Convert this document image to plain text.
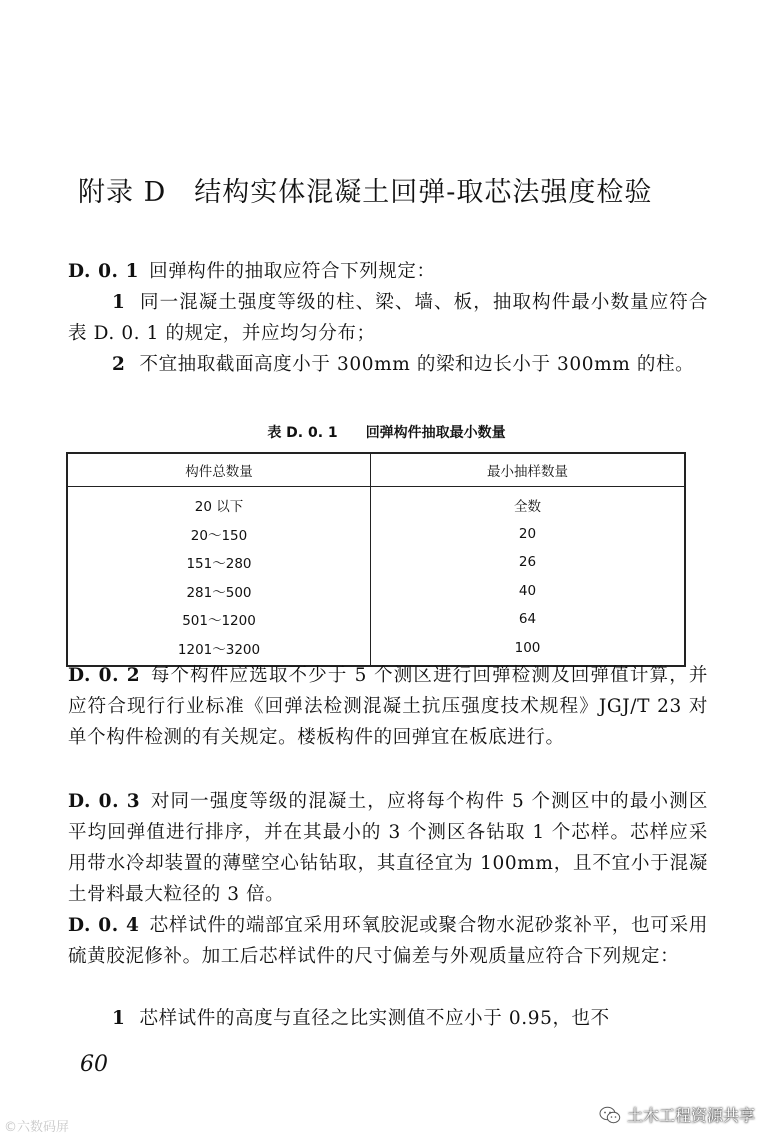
附录 D 结构实体混凝土回弹-取芯法强度检验
D. 0. 1 回弹构件的抽取应符合下列规定：
1 同一混凝土强度等级的柱、梁、墙、板，抽取构件最小数量应符合表 D. 0. 1 的规定，并应均匀分布；
2 不宜抽取截面高度小于 300mm 的梁和边长小于 300mm 的柱。
表 D. 0. 1 回弹构件抽取最小数量
构件总数量	最小抽样数量
20 以下	全数
20～150	20
151～280	26
281～500	40
501～1200	64
1201～3200	100
D. 0. 2 每个构件应选取不少于 5 个测区进行回弹检测及回弹值计算，并应符合现行行业标准《回弹法检测混凝土抗压强度技术规程》JGJ/T 23 对单个构件检测的有关规定。楼板构件的回弹宜在板底进行。
D. 0. 3 对同一强度等级的混凝土，应将每个构件 5 个测区中的最小测区平均回弹值进行排序，并在其最小的 3 个测区各钻取 1 个芯样。芯样应采用带水冷却装置的薄壁空心钻钻取，其直径宜为 100mm，且不宜小于混凝土骨料最大粒径的 3 倍。
D. 0. 4 芯样试件的端部宜采用环氧胶泥或聚合物水泥砂浆补平，也可采用硫黄胶泥修补。加工后芯样试件的尺寸偏差与外观质量应符合下列规定：
1 芯样试件的高度与直径之比实测值不应小于 0.95，也不
60
©六数码屏
土木工程资源共享
